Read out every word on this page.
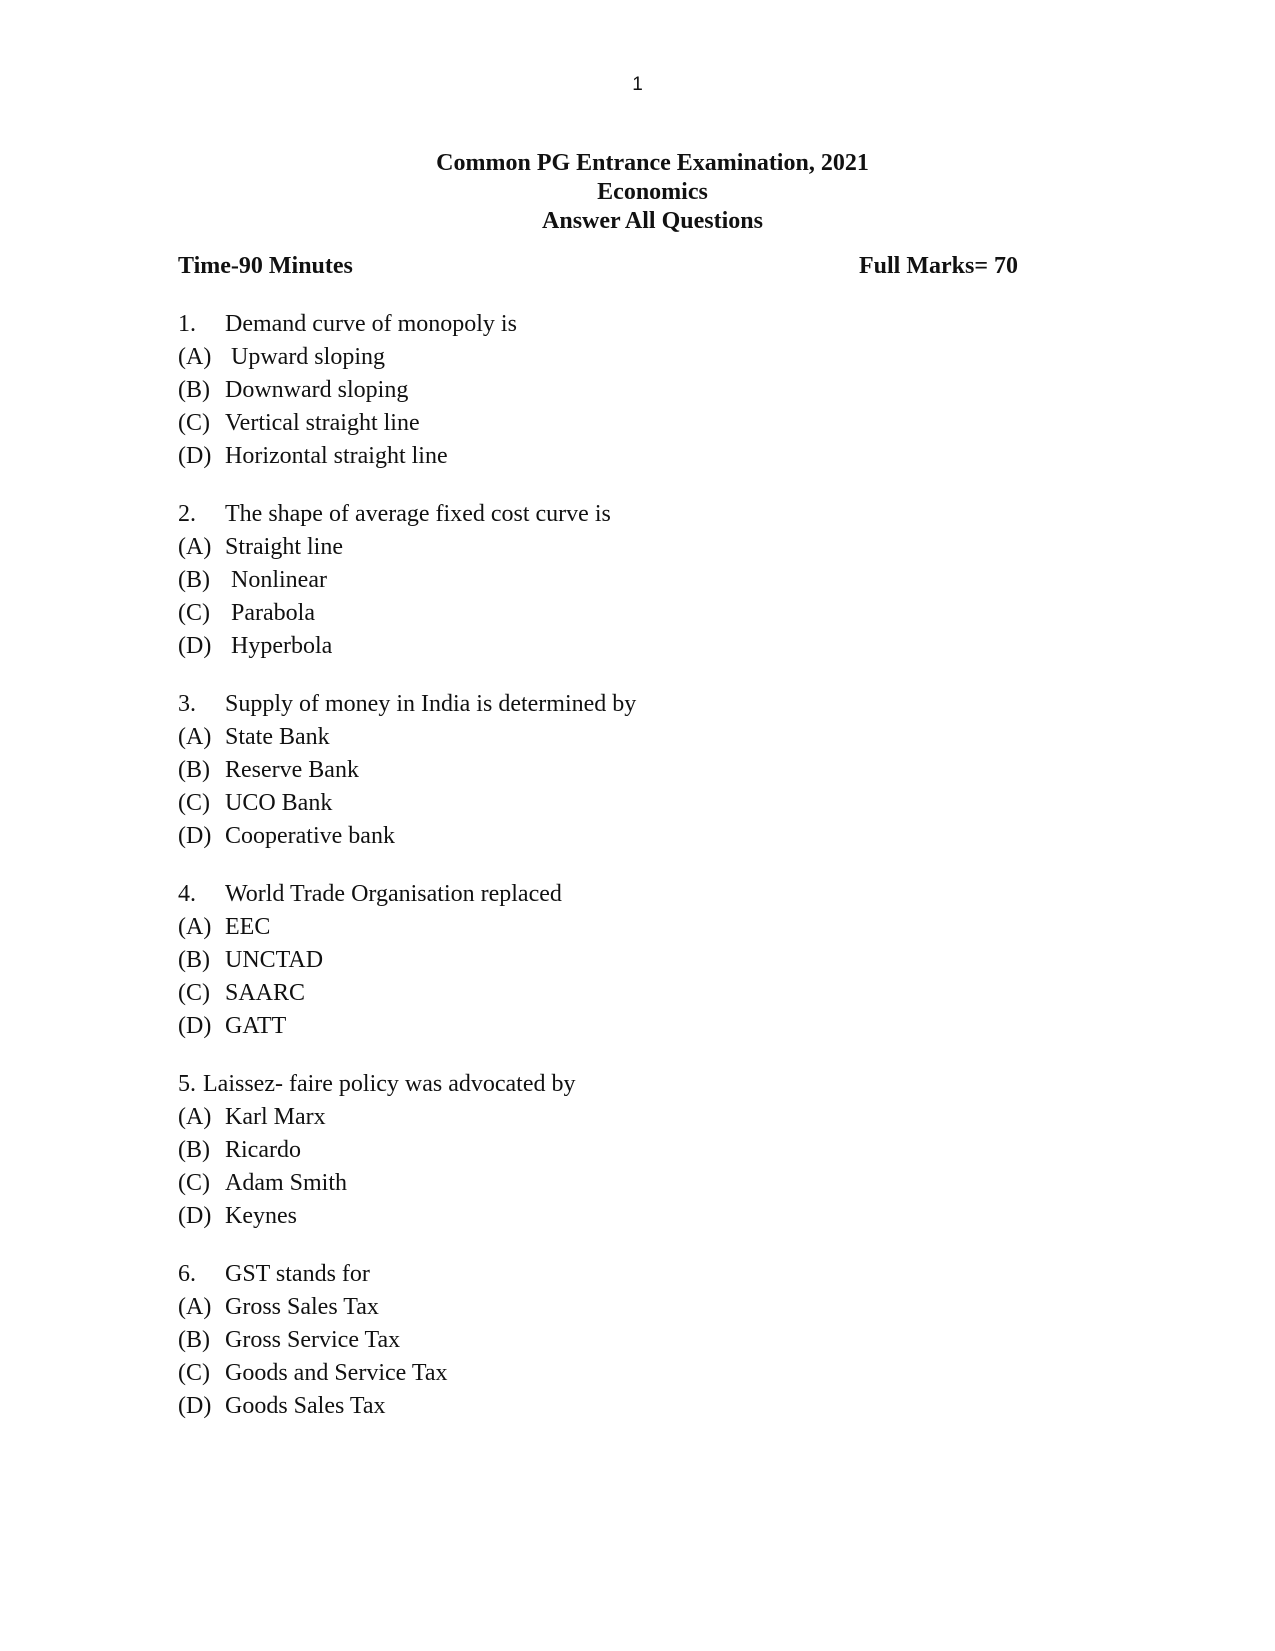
1
Common PG Entrance Examination, 2021
Economics
Answer All Questions
Time-90 Minutes	Full Marks= 70
1. Demand curve of monopoly is
(A) Upward sloping
(B) Downward sloping
(C) Vertical straight line
(D) Horizontal straight line
2. The shape of average fixed cost curve is
(A) Straight line
(B) Nonlinear
(C) Parabola
(D) Hyperbola
3. Supply of money in India is determined by
(A) State Bank
(B) Reserve Bank
(C) UCO Bank
(D) Cooperative bank
4. World Trade Organisation replaced
(A) EEC
(B) UNCTAD
(C) SAARC
(D) GATT
5. Laissez- faire policy was advocated by
(A) Karl Marx
(B) Ricardo
(C) Adam Smith
(D) Keynes
6. GST stands for
(A) Gross Sales Tax
(B) Gross Service Tax
(C) Goods and Service Tax
(D) Goods Sales Tax
